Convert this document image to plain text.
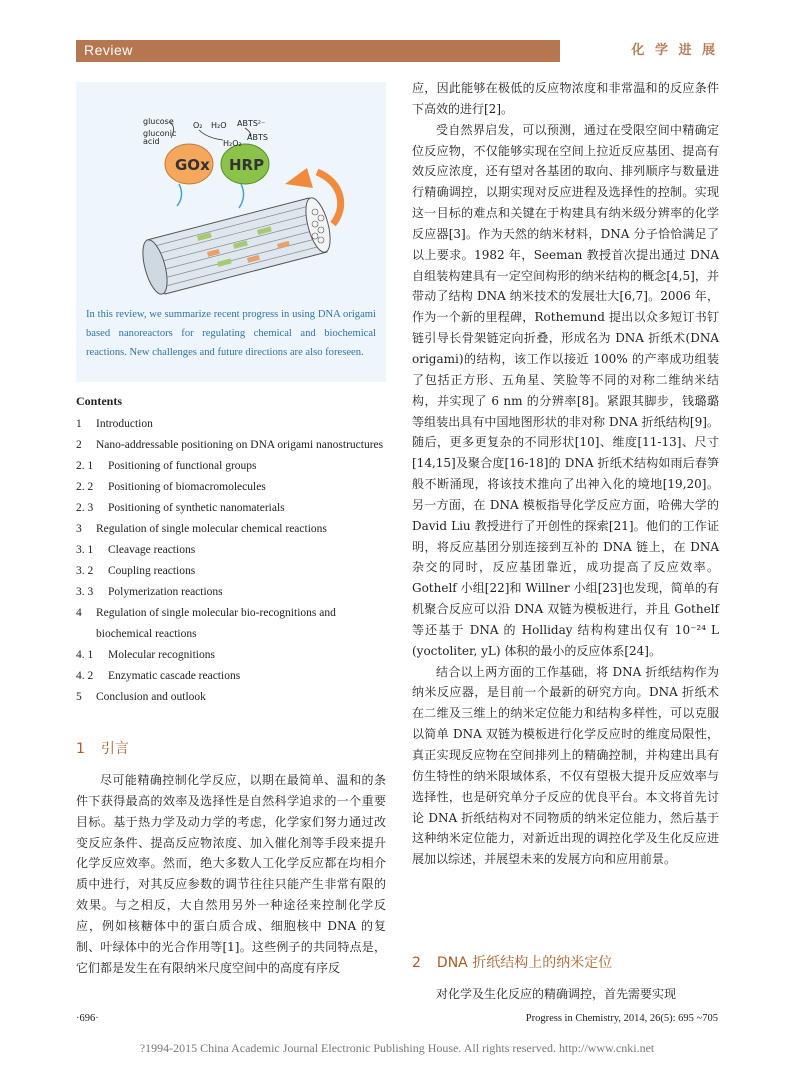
Review	化 学 进 展
GOx HRP
glucose
gluconic
acid
O₂ H₂O
H₂O₂
ABTS²⁻
ABTS

In this review, we summarize recent progress in using DNA origami based nanoreactors for regulating chemical and biochemical reactions. New challenges and future directions are also foreseen.

Contents
1	Introduction
2	Nano-addressable positioning on DNA origami nanostructures
2. 1	Positioning of functional groups
2. 2	Positioning of biomacromolecules
2. 3	Positioning of synthetic nanomaterials
3	Regulation of single molecular chemical reactions
3. 1	Cleavage reactions
3. 2	Coupling reactions
3. 3	Polymerization reactions
4	Regulation of single molecular bio-recognitions and biochemical reactions
4. 1	Molecular recognitions
4. 2	Enzymatic cascade reactions
5	Conclusion and outlook
1 引言

尽可能精确控制化学反应，以期在最简单、温和的条件下获得最高的效率及选择性是自然科学追求的一个重要目标。基于热力学及动力学的考虑，化学家们努力通过改变反应条件、提高反应物浓度、加入催化剂等手段来提升化学反应效率。然而，绝大多数人工化学反应都在均相介质中进行，对其反应参数的调节往往只能产生非常有限的效果。与之相反，大自然用另外一种途径来控制化学反应，例如核糖体中的蛋白质合成、细胞核中 DNA 的复制、叶绿体中的光合作用等[1]。这些例子的共同特点是，它们都是发生在有限纳米尺度空间中的高度有序反

应，因此能够在极低的反应物浓度和非常温和的反应条件下高效的进行[2]。

受自然界启发，可以预测，通过在受限空间中精确定位反应物，不仅能够实现在空间上拉近反应基团、提高有效反应浓度，还有望对各基团的取向、排列顺序与数量进行精确调控，以期实现对反应进程及选择性的控制。实现这一目标的难点和关键在于构建具有纳米级分辨率的化学反应器[3]。作为天然的纳米材料，DNA 分子恰恰满足了以上要求。1982 年，Seeman 教授首次提出通过 DNA 自组装构建具有一定空间构形的纳米结构的概念[4,5]，并带动了结构 DNA 纳米技术的发展壮大[6,7]。2006 年，作为一个新的里程碑，Rothemund 提出以众多短订书钉链引导长骨架链定向折叠，形成名为 DNA 折纸术(DNA origami)的结构，该工作以接近 100% 的产率成功组装了包括正方形、五角星、笑脸等不同的对称二维纳米结构，并实现了 6 nm 的分辨率[8]。紧跟其脚步，钱璐璐等组装出具有中国地图形状的非对称 DNA 折纸结构[9]。随后，更多更复杂的不同形状[10]、维度[11-13]、尺寸[14,15]及聚合度[16-18]的 DNA 折纸术结构如雨后春笋般不断涌现，将该技术推向了出神入化的境地[19,20]。另一方面，在 DNA 模板指导化学反应方面，哈佛大学的 David Liu 教授进行了开创性的探索[21]。他们的工作证明，将反应基团分别连接到互补的 DNA 链上，在 DNA 杂交的同时，反应基团靠近，成功提高了反应效率。Gothelf 小组[22]和 Willner 小组[23]也发现，简单的有机聚合反应可以沿 DNA 双链为模板进行，并且 Gothelf 等还基于 DNA 的 Holliday 结构构建出仅有 10⁻²⁴ L (yoctoliter, yL) 体积的最小的反应体系[24]。

结合以上两方面的工作基础，将 DNA 折纸结构作为纳米反应器，是目前一个最新的研究方向。DNA 折纸术在二维及三维上的纳米定位能力和结构多样性，可以克服以简单 DNA 双链为模板进行化学反应时的维度局限性，真正实现反应物在空间排列上的精确控制，并构建出具有仿生特性的纳米限域体系，不仅有望极大提升反应效率与选择性，也是研究单分子反应的优良平台。本文将首先讨论 DNA 折纸结构对不同物质的纳米定位能力，然后基于这种纳米定位能力，对新近出现的调控化学及生化反应进展加以综述，并展望未来的发展方向和应用前景。

2 DNA 折纸结构上的纳米定位

对化学及生化反应的精确调控，首先需要实现

·696·	Progress in Chemistry, 2014, 26(5): 695 ~705
?1994-2015 China Academic Journal Electronic Publishing House. All rights reserved. http://www.cnki.net
